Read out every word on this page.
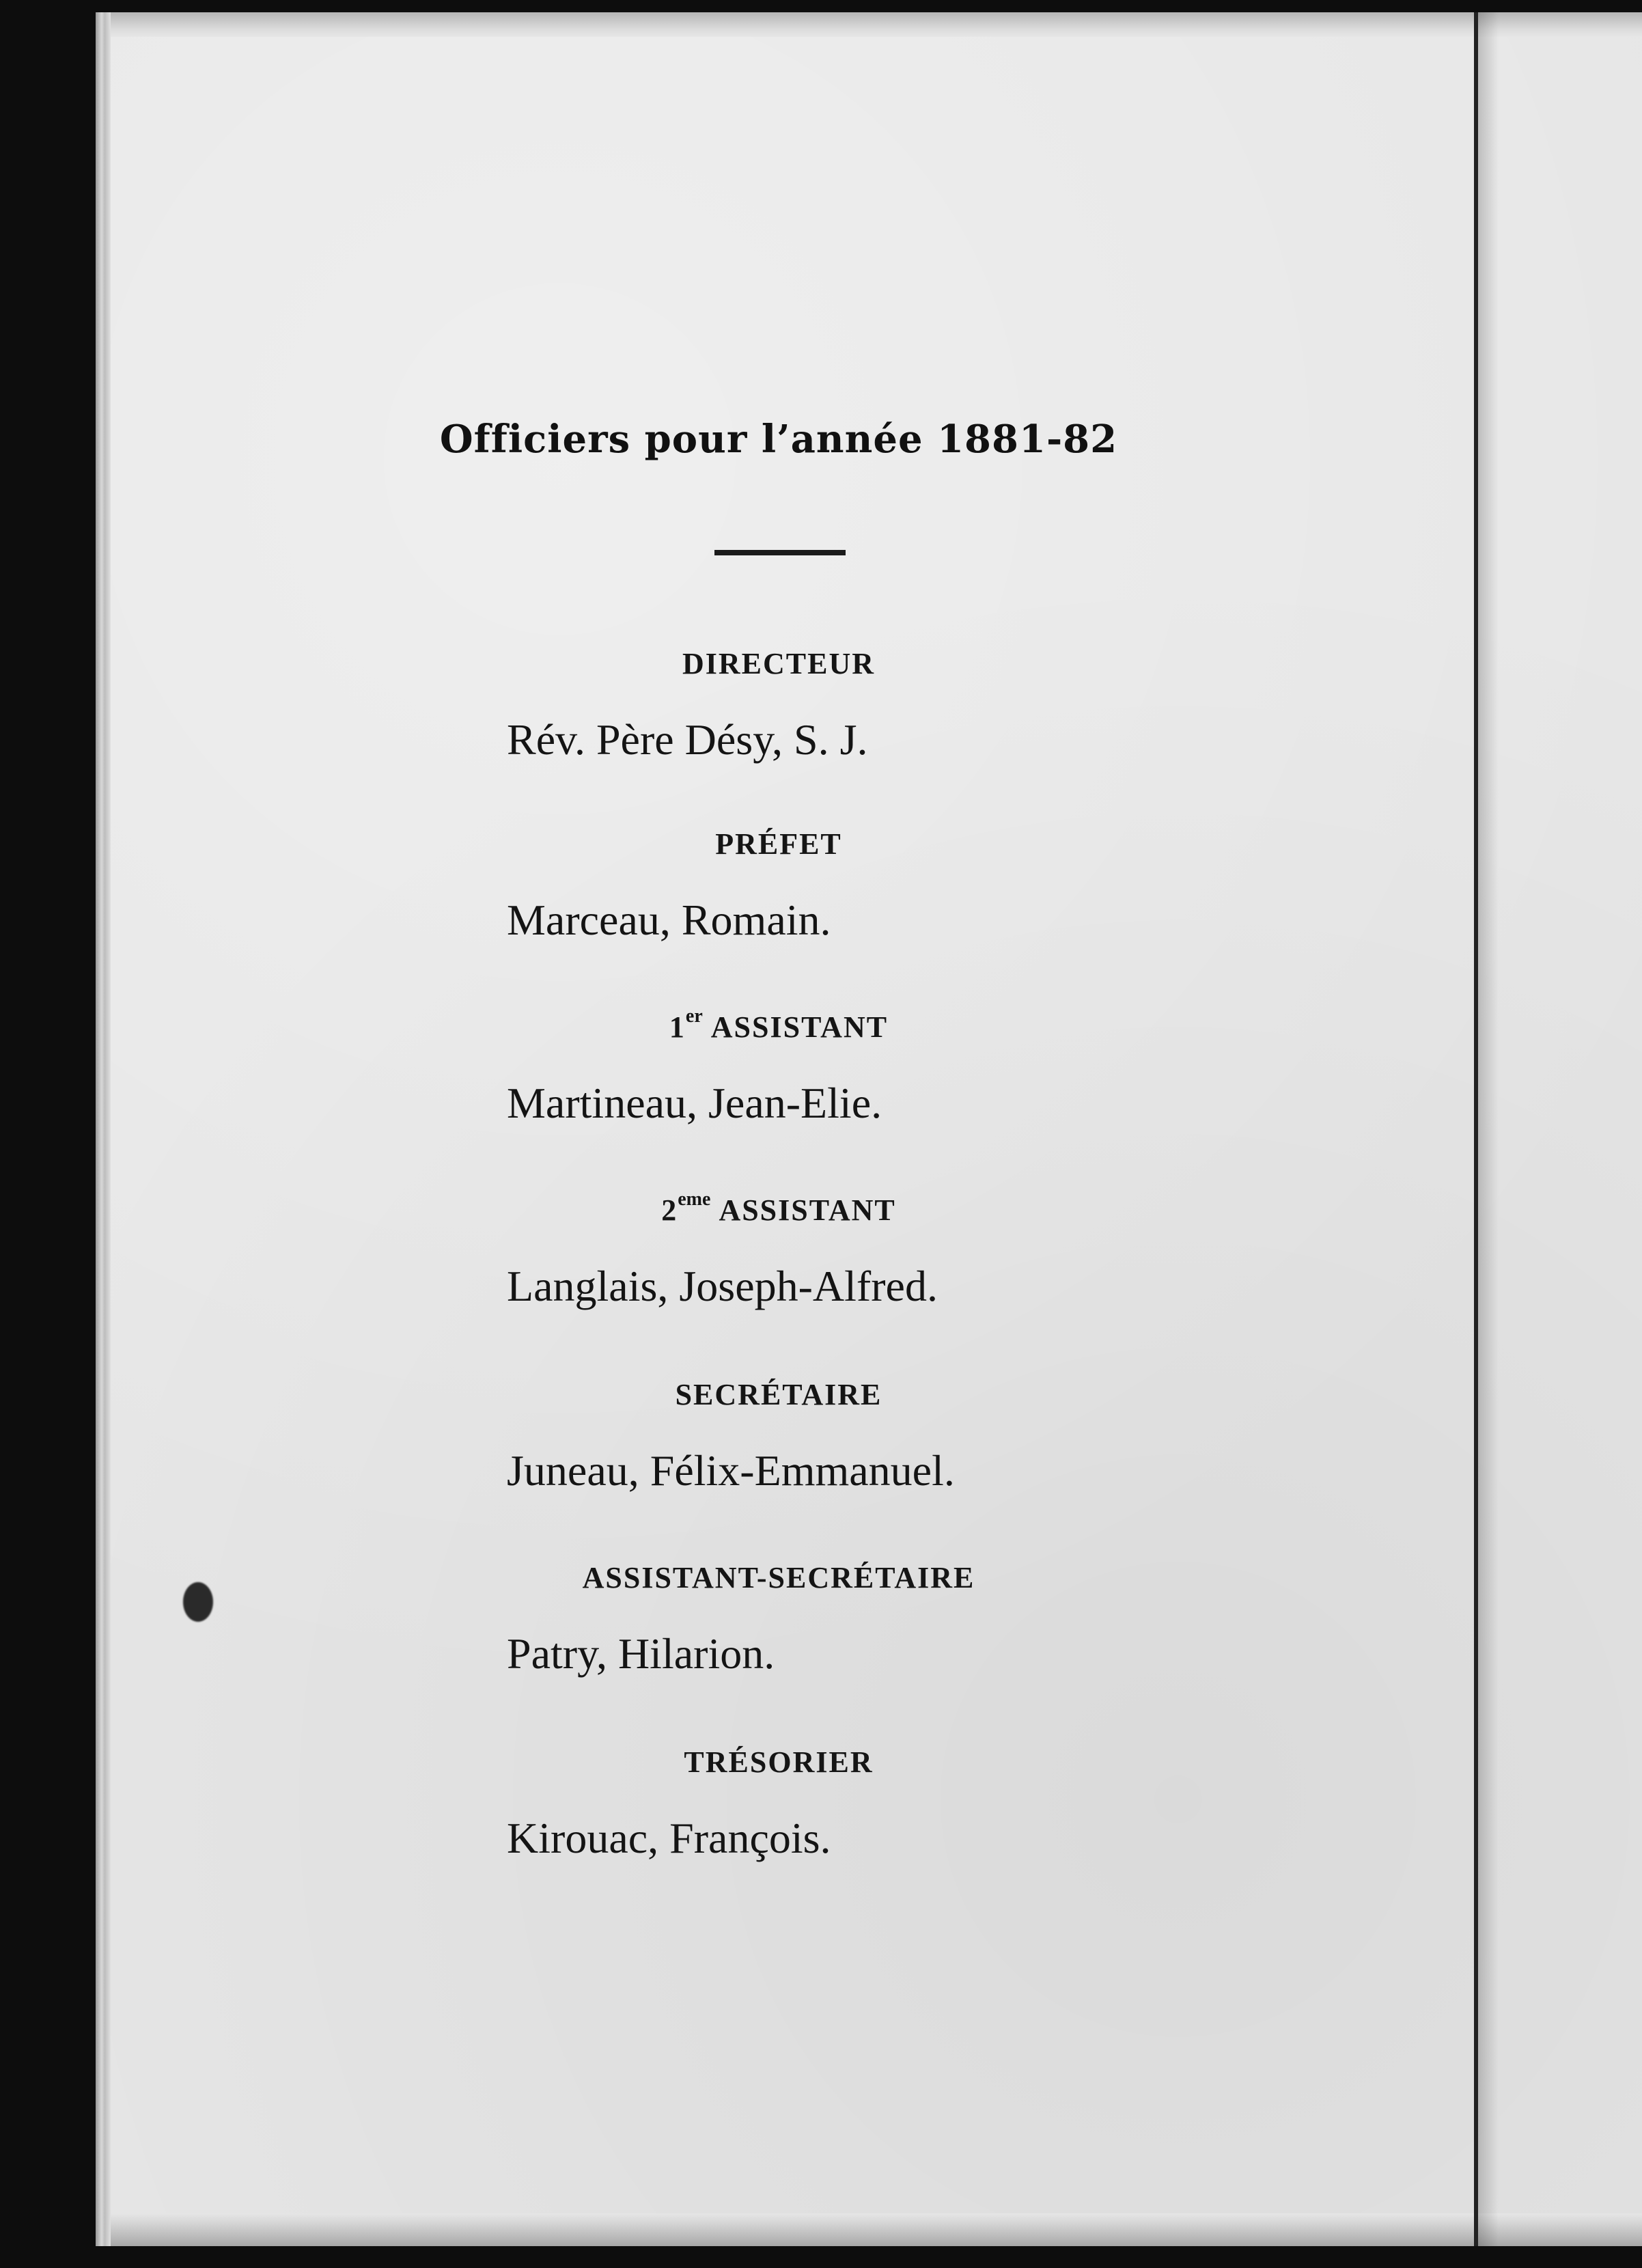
Officiers pour l’année 1881-82
DIRECTEUR
Rév. Père Désy, S. J.
PRÉFET
Marceau, Romain.
1er ASSISTANT
Martineau, Jean-Elie.
2eme ASSISTANT
Langlais, Joseph-Alfred.
SECRÉTAIRE
Juneau, Félix-Emmanuel.
ASSISTANT-SECRÉTAIRE
Patry, Hilarion.
TRÉSORIER
Kirouac, François.
